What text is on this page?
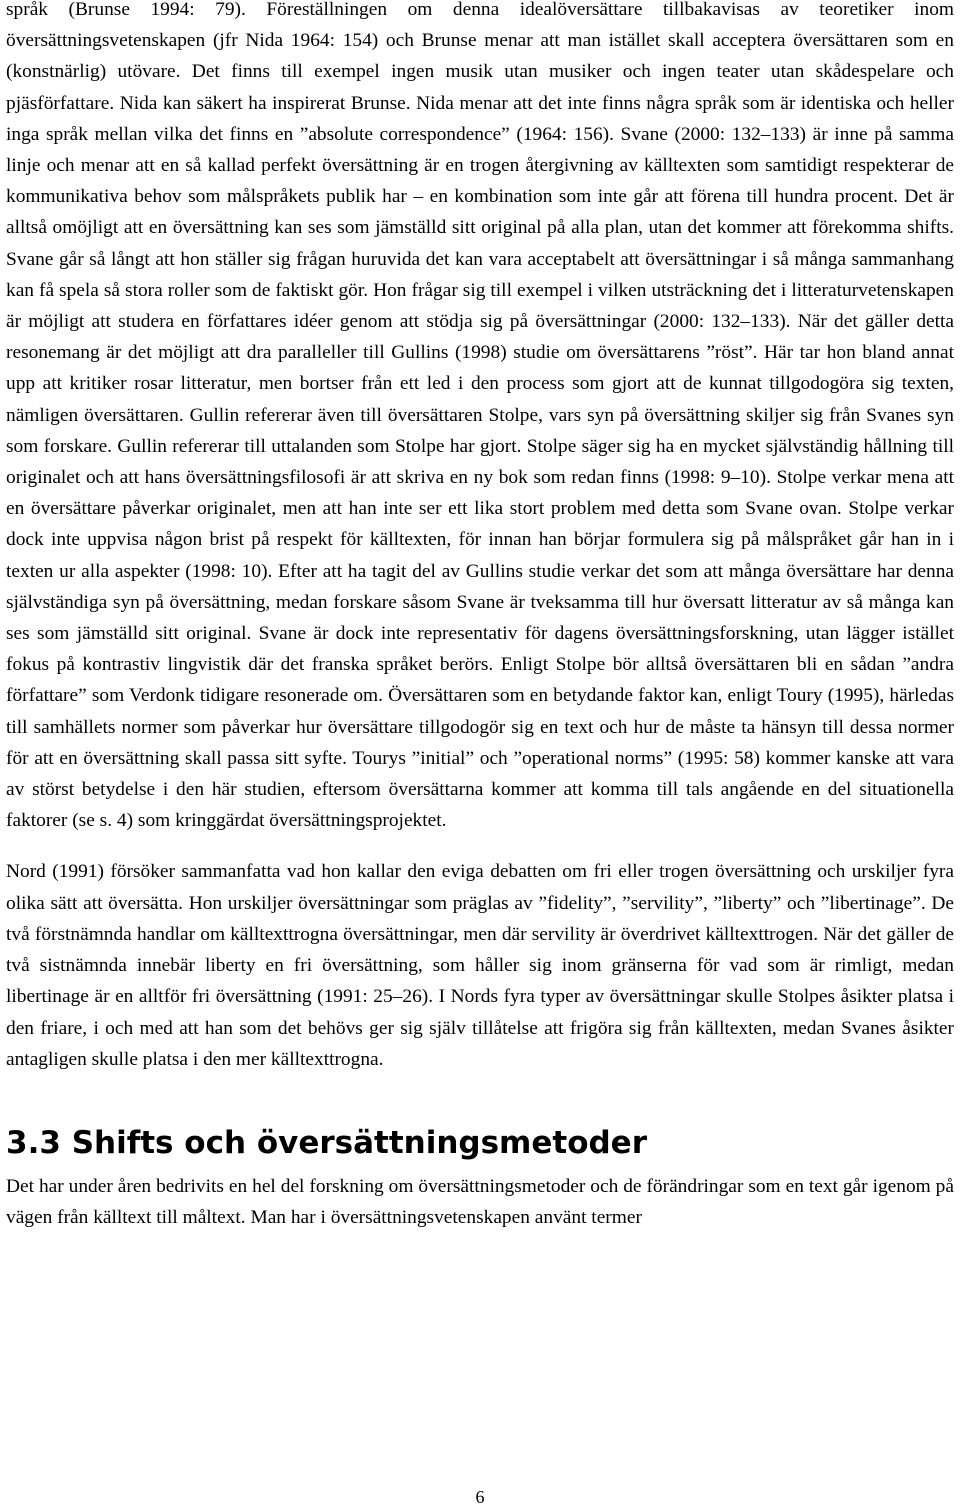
språk (Brunse 1994: 79). Föreställningen om denna idealöversättare tillbakavisas av teoretiker inom översättningsvetenskapen (jfr Nida 1964: 154) och Brunse menar att man istället skall acceptera översättaren som en (konstnärlig) utövare. Det finns till exempel ingen musik utan musiker och ingen teater utan skådespelare och pjäsförfattare. Nida kan säkert ha inspirerat Brunse. Nida menar att det inte finns några språk som är identiska och heller inga språk mellan vilka det finns en ”absolute correspondence” (1964: 156). Svane (2000: 132–133) är inne på samma linje och menar att en så kallad perfekt översättning är en trogen återgivning av källtexten som samtidigt respekterar de kommunikativa behov som målspråkets publik har – en kombination som inte går att förena till hundra procent. Det är alltså omöjligt att en översättning kan ses som jämställd sitt original på alla plan, utan det kommer att förekomma shifts. Svane går så långt att hon ställer sig frågan huruvida det kan vara acceptabelt att översättningar i så många sammanhang kan få spela så stora roller som de faktiskt gör. Hon frågar sig till exempel i vilken utsträckning det i litteraturvetenskapen är möjligt att studera en författares idéer genom att stödja sig på översättningar (2000: 132–133). När det gäller detta resonemang är det möjligt att dra paralleller till Gullins (1998) studie om översättarens ”röst”. Här tar hon bland annat upp att kritiker rosar litteratur, men bortser från ett led i den process som gjort att de kunnat tillgodogöra sig texten, nämligen översättaren. Gullin refererar även till översättaren Stolpe, vars syn på översättning skiljer sig från Svanes syn som forskare. Gullin refererar till uttalanden som Stolpe har gjort. Stolpe säger sig ha en mycket självständig hållning till originalet och att hans översättningsfilosofi är att skriva en ny bok som redan finns (1998: 9–10). Stolpe verkar mena att en översättare påverkar originalet, men att han inte ser ett lika stort problem med detta som Svane ovan. Stolpe verkar dock inte uppvisa någon brist på respekt för källtexten, för innan han börjar formulera sig på målspråket går han in i texten ur alla aspekter (1998: 10). Efter att ha tagit del av Gullins studie verkar det som att många översättare har denna självständiga syn på översättning, medan forskare såsom Svane är tveksamma till hur översatt litteratur av så många kan ses som jämställd sitt original. Svane är dock inte representativ för dagens översättningsforskning, utan lägger istället fokus på kontrastiv lingvistik där det franska språket berörs. Enligt Stolpe bör alltså översättaren bli en sådan ”andra författare” som Verdonk tidigare resonerade om. Översättaren som en betydande faktor kan, enligt Toury (1995), härledas till samhällets normer som påverkar hur översättare tillgodogör sig en text och hur de måste ta hänsyn till dessa normer för att en översättning skall passa sitt syfte. Tourys ”initial” och ”operational norms” (1995: 58) kommer kanske att vara av störst betydelse i den här studien, eftersom översättarna kommer att komma till tals angående en del situationella faktorer (se s. 4) som kringgärdat översättningsprojektet.

Nord (1991) försöker sammanfatta vad hon kallar den eviga debatten om fri eller trogen översättning och urskiljer fyra olika sätt att översätta. Hon urskiljer översättningar som präglas av ”fidelity”, ”servility”, ”liberty” och ”libertinage”. De två förstnämnda handlar om källtexttrogna översättningar, men där servility är överdrivet källtexttrogen. När det gäller de två sistnämnda innebär liberty en fri översättning, som håller sig inom gränserna för vad som är rimligt, medan libertinage är en alltför fri översättning (1991: 25–26). I Nords fyra typer av översättningar skulle Stolpes åsikter platsa i den friare, i och med att han som det behövs ger sig själv tillåtelse att frigöra sig från källtexten, medan Svanes åsikter antagligen skulle platsa i den mer källtexttrogna.

3.3 Shifts och översättningsmetoder

Det har under åren bedrivits en hel del forskning om översättningsmetoder och de förändringar som en text går igenom på vägen från källtext till måltext. Man har i översättningsvetenskapen använt termer

6
